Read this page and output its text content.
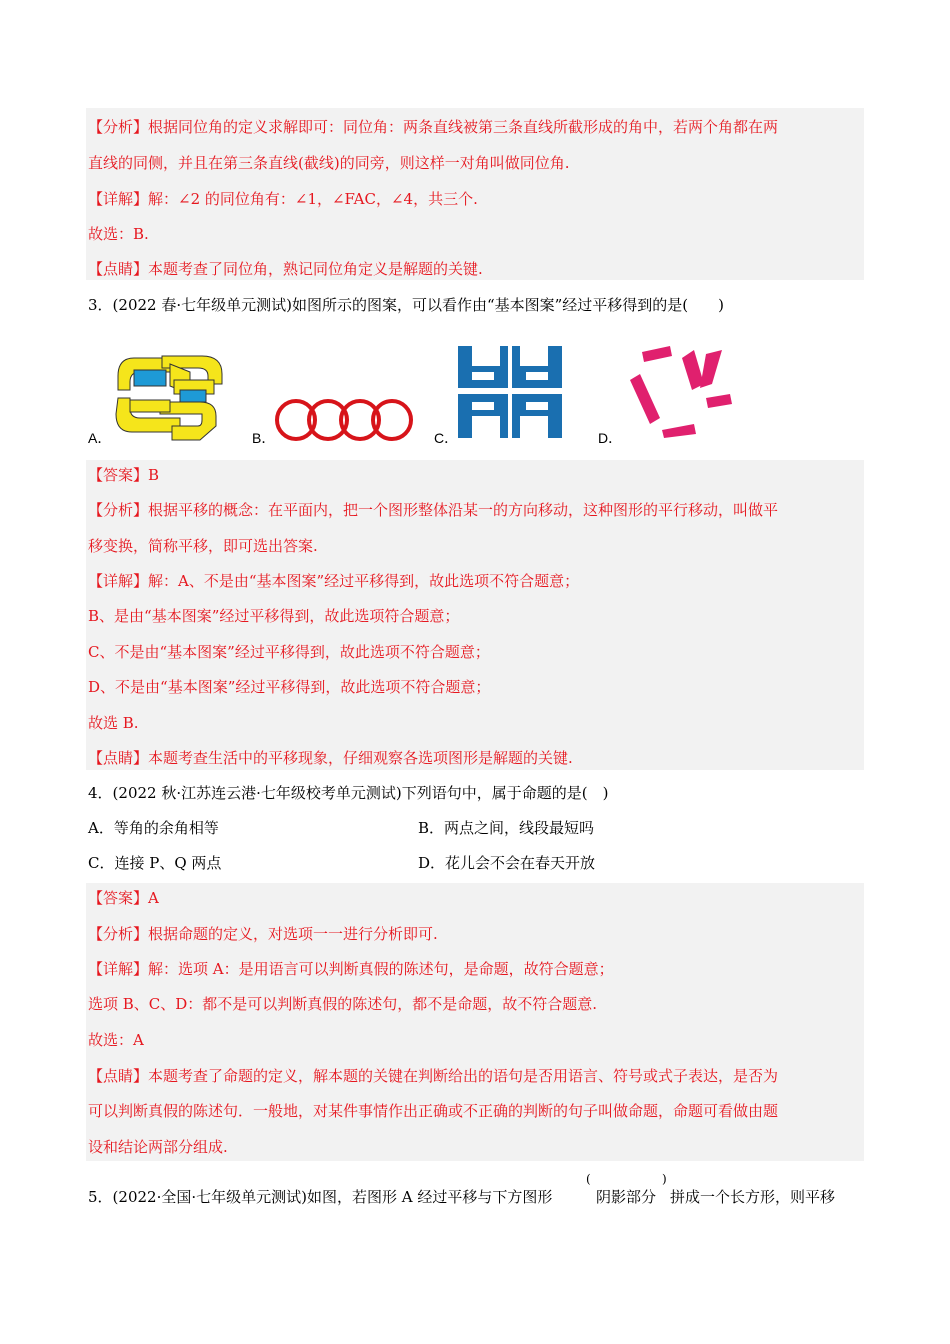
【分析】根据同位角的定义求解即可：同位角：两条直线被第三条直线所截形成的角中，若两个角都在两
直线的同侧，并且在第三条直线(截线)的同旁，则这样一对角叫做同位角.
【详解】解：∠2 的同位角有：∠1，∠FAC，∠4，共三个.
故选：B.
【点睛】本题考查了同位角，熟记同位角定义是解题的关键.
3．(2022 春·七年级单元测试)如图所示的图案，可以看作由“基本图案”经过平移得到的是(　　)
A．	B．	C．	D．
【答案】B
【分析】根据平移的概念：在平面内，把一个图形整体沿某一的方向移动，这种图形的平行移动，叫做平
移变换，简称平移，即可选出答案.
【详解】解：A、不是由“基本图案”经过平移得到，故此选项不符合题意；
B、是由“基本图案”经过平移得到，故此选项符合题意；
C、不是由“基本图案”经过平移得到，故此选项不符合题意；
D、不是由“基本图案”经过平移得到，故此选项不符合题意；
故选 B.
【点睛】本题考查生活中的平移现象，仔细观察各选项图形是解题的关键.
4．(2022 秋·江苏连云港·七年级校考单元测试)下列语句中，属于命题的是(　)
A．等角的余角相等	B．两点之间，线段最短吗
C．连接 P、Q 两点	D．花儿会不会在春天开放
【答案】A
【分析】根据命题的定义，对选项一一进行分析即可.
【详解】解：选项 A：是用语言可以判断真假的陈述句，是命题，故符合题意；
选项 B、C、D：都不是可以判断真假的陈述句，都不是命题，故不符合题意.
故选：A
【点睛】本题考查了命题的定义，解本题的关键在判断给出的语句是否用语言、符号或式子表达，是否为
可以判断真假的陈述句．一般地，对某件事情作出正确或不正确的判断的句子叫做命题，命题可看做由题
设和结论两部分组成.
5．(2022·全国·七年级单元测试)如图，若图形 A 经过平移与下方图形
(
阴影部分
)
拼成一个长方形，则平移
